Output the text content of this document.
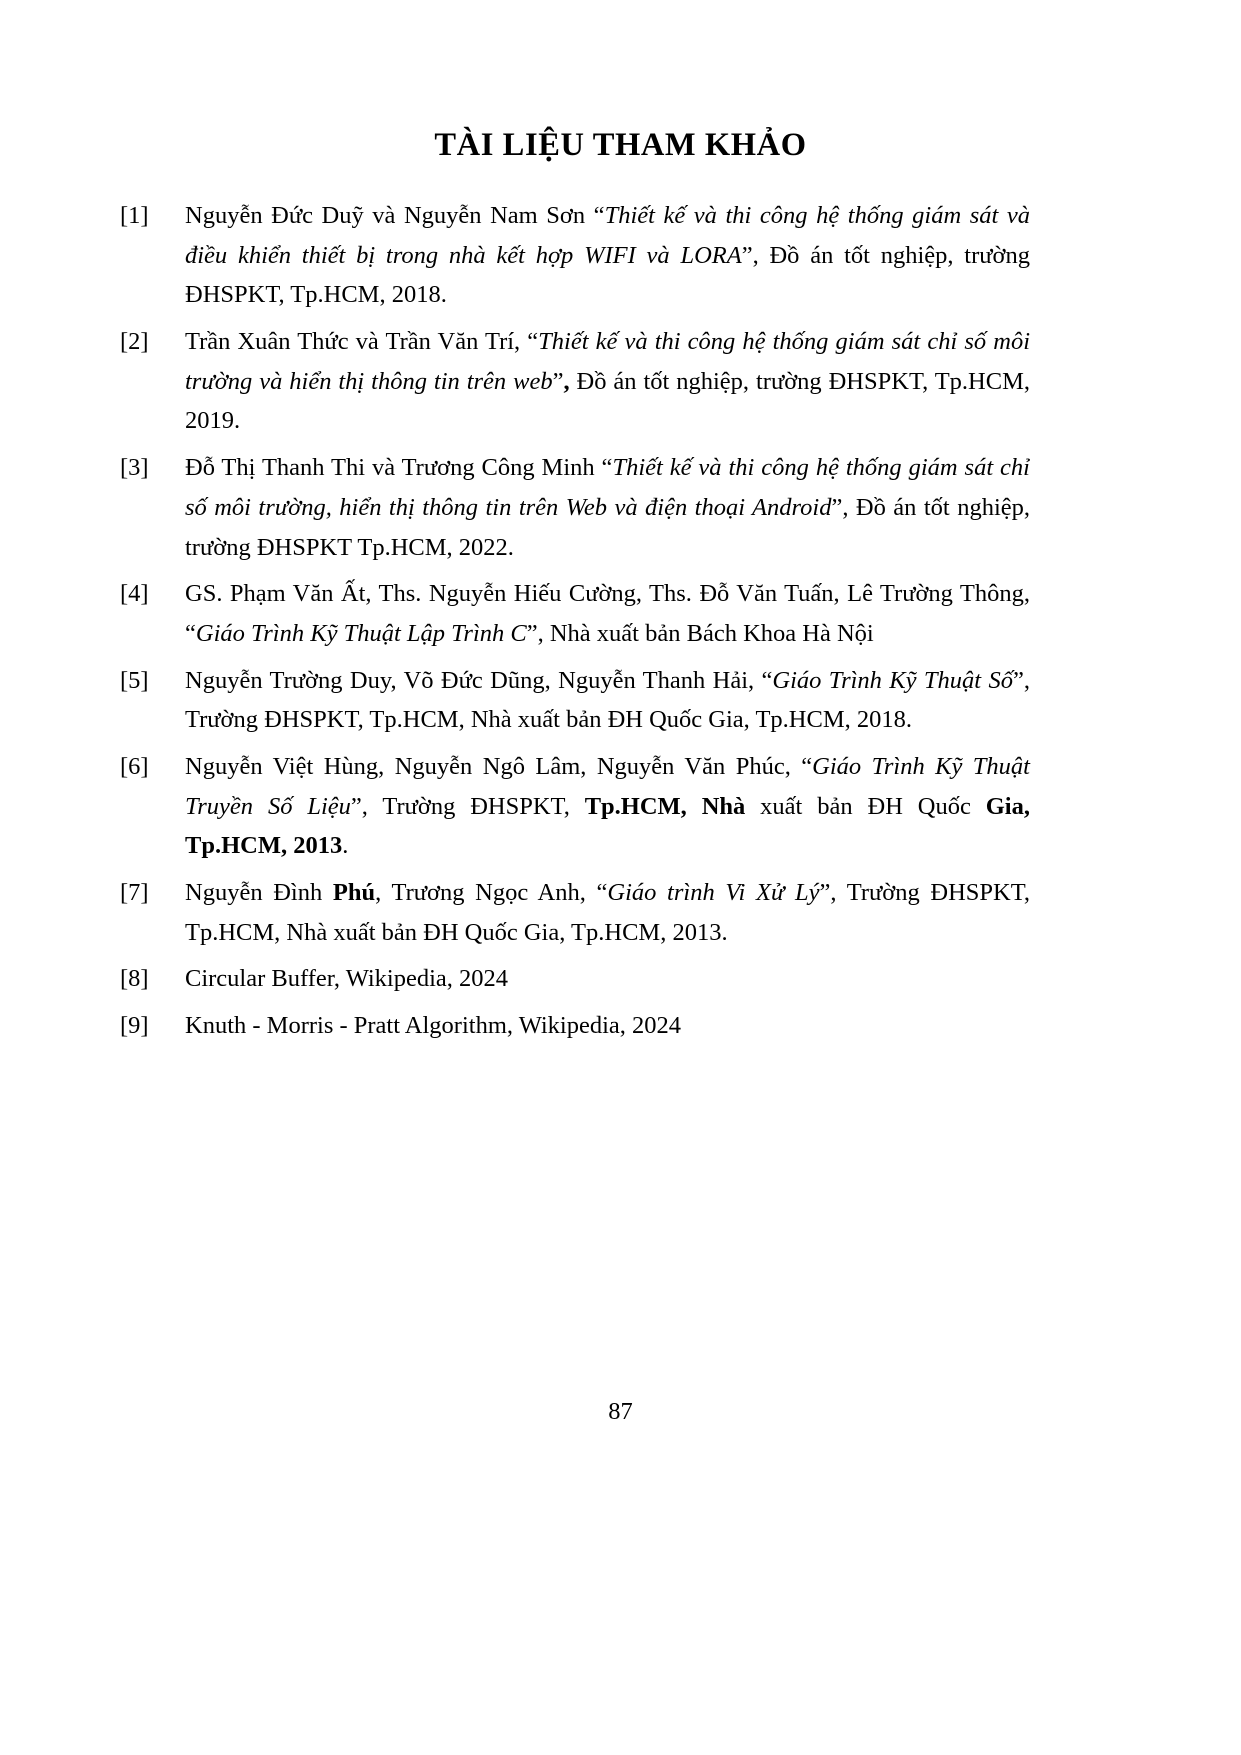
TÀI LIỆU THAM KHẢO
[1]	Nguyễn Đức Duỹ và Nguyễn Nam Sơn “Thiết kế và thi công hệ thống giám sát và điều khiển thiết bị trong nhà kết hợp WIFI và LORA”, Đồ án tốt nghiệp, trường ĐHSPKT, Tp.HCM, 2018.
[2]	Trần Xuân Thức và Trần Văn Trí, “Thiết kế và thi công hệ thống giám sát chỉ số môi trường và hiển thị thông tin trên web”, Đồ án tốt nghiệp, trường ĐHSPKT, Tp.HCM, 2019.
[3]	Đỗ Thị Thanh Thi và Trương Công Minh “Thiết kế và thi công hệ thống giám sát chỉ số môi trường, hiển thị thông tin trên Web và điện thoại Android”, Đồ án tốt nghiệp, trường ĐHSPKT Tp.HCM, 2022.
[4]	GS. Phạm Văn Ất, Ths. Nguyễn Hiếu Cường, Ths. Đỗ Văn Tuấn, Lê Trường Thông, “Giáo Trình Kỹ Thuật Lập Trình C”, Nhà xuất bản Bách Khoa Hà Nội
[5]	Nguyễn Trường Duy, Võ Đức Dũng, Nguyễn Thanh Hải, “Giáo Trình Kỹ Thuật Số”, Trường ĐHSPKT, Tp.HCM, Nhà xuất bản ĐH Quốc Gia, Tp.HCM, 2018.
[6]	Nguyễn Việt Hùng, Nguyễn Ngô Lâm, Nguyễn Văn Phúc, “Giáo Trình Kỹ Thuật Truyền Số Liệu”, Trường ĐHSPKT, Tp.HCM, Nhà xuất bản ĐH Quốc Gia, Tp.HCM, 2013.
[7]	Nguyễn Đình Phú, Trương Ngọc Anh, “Giáo trình Vi Xử Lý”, Trường ĐHSPKT, Tp.HCM, Nhà xuất bản ĐH Quốc Gia, Tp.HCM, 2013.
[8]	Circular Buffer, Wikipedia, 2024
[9]	Knuth - Morris - Pratt Algorithm, Wikipedia, 2024
87
